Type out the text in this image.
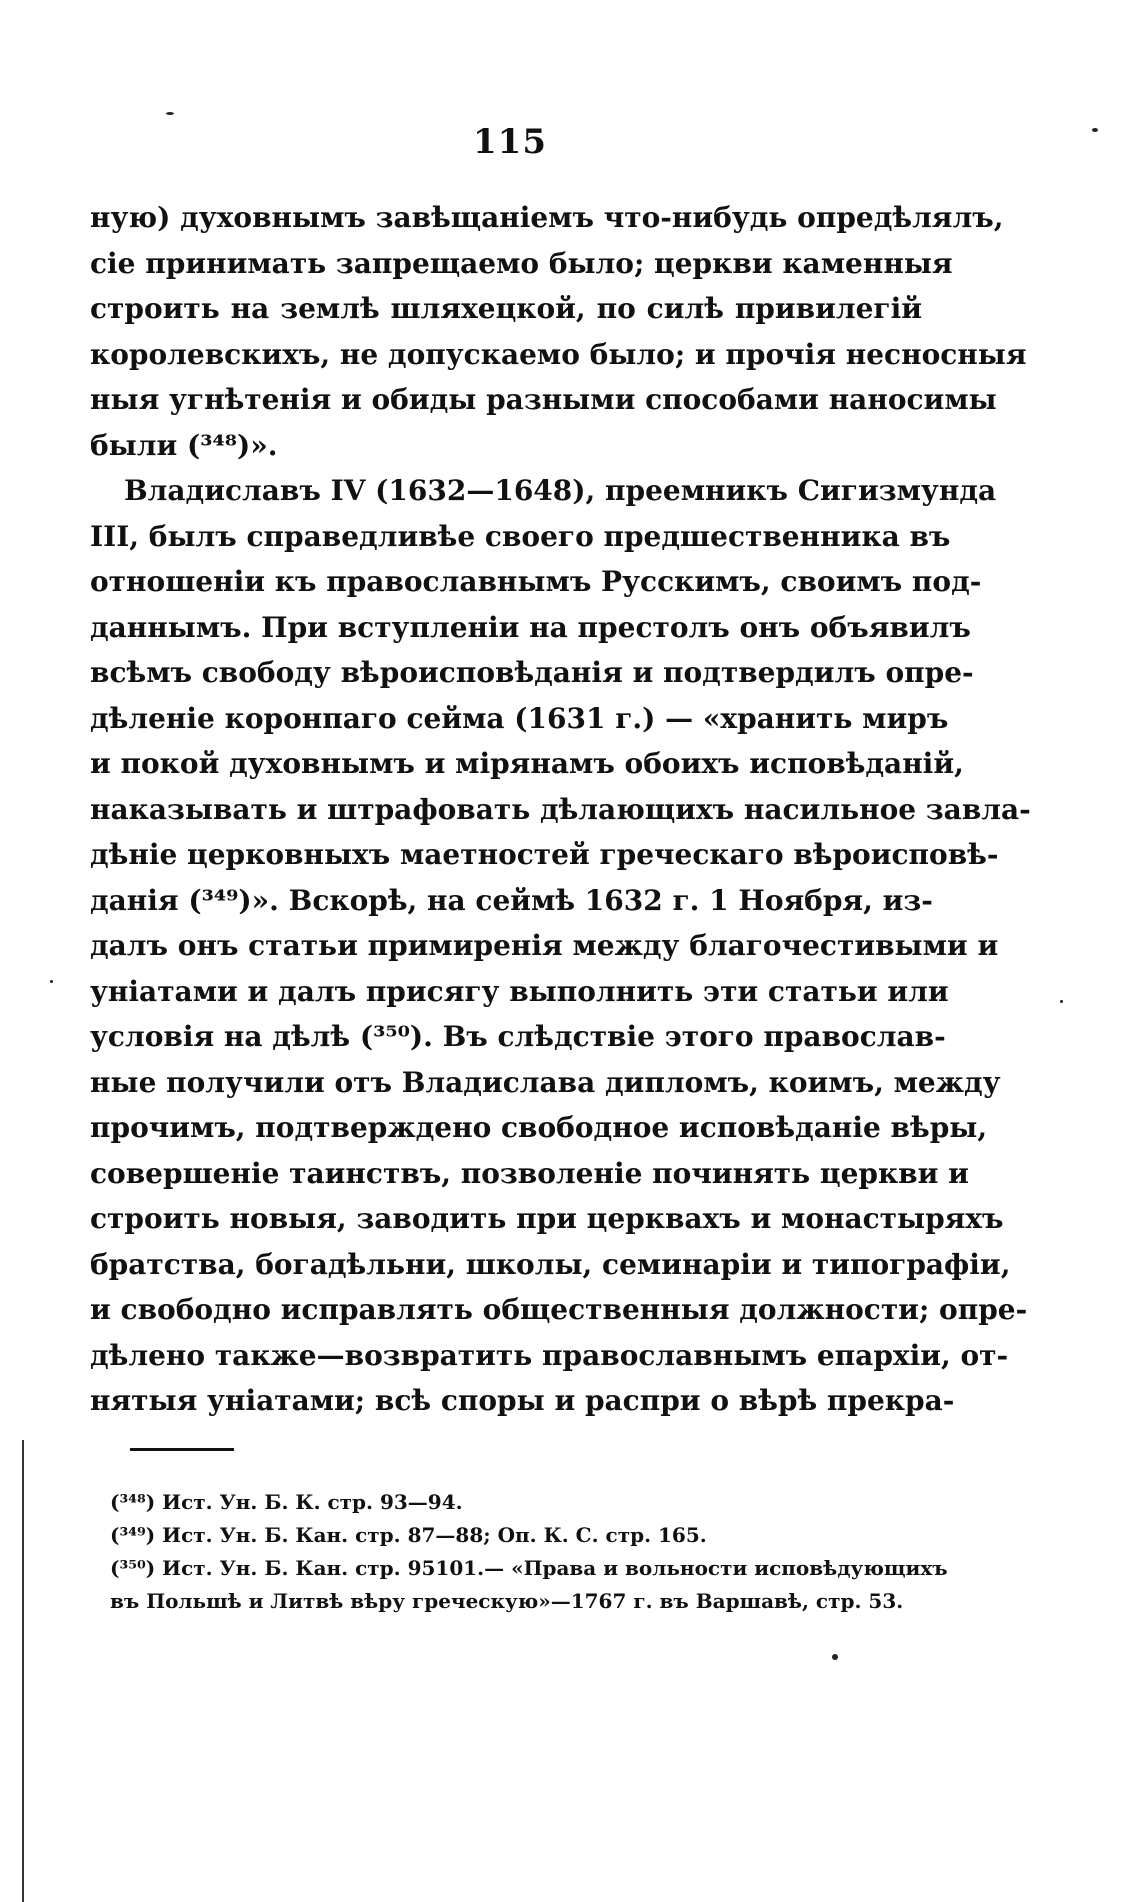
115
ную) духовнымъ завѣщаніемъ что-нибудь опредѣлялъ,
сіе принимать запрещаемо было; церкви каменныя
строить на землѣ шляхецкой, по силѣ привилегій
королевскихъ, не допускаемо было; и прочія несносныя
ныя угнѣтенія и обиды разными способами наносимы
были (³⁴⁸)».
Владиславъ IV (1632—1648), преемникъ Сигизмунда
III, былъ справедливѣе своего предшественника въ
отношеніи къ православнымъ Русскимъ, своимъ под-
даннымъ. При вступленіи на престолъ онъ объявилъ
всѣмъ свободу вѣроисповѣданія и подтвердилъ опре-
дѣленіе коронпаго сейма (1631 г.) — «хранить миръ
и покой духовнымъ и мірянамъ обоихъ исповѣданій,
наказывать и штрафовать дѣлающихъ насильное завла-
дѣніе церковныхъ маетностей греческаго вѣроисповѣ-
данія (³⁴⁹)». Вскорѣ, на сеймѣ 1632 г. 1 Ноября, из-
далъ онъ статьи примиренія между благочестивыми и
уніатами и далъ присягу выполнить эти статьи или
условія на дѣлѣ (³⁵⁰). Въ слѣдствіе этого православ-
ные получили отъ Владислава дипломъ, коимъ, между
прочимъ, подтверждено свободное исповѣданіе вѣры,
совершеніе таинствъ, позволеніе починять церкви и
строить новыя, заводить при церквахъ и монастыряхъ
братства, богадѣльни, школы, семинаріи и типографіи,
и свободно исправлять общественныя должности; опре-
дѣлено также—возвратить православнымъ епархіи, от-
нятыя уніатами; всѣ споры и распри о вѣрѣ прекра-
(³⁴⁸) Ист. Ун. Б. К. стр. 93—94.
(³⁴⁹) Ист. Ун. Б. Кан. стр. 87—88; Оп. К. С. стр. 165.
(³⁵⁰) Ист. Ун. Б. Кан. стр. 95101.— «Права и вольности исповѣдующихъ
въ Польшѣ и Литвѣ вѣру греческую»—1767 г. въ Варшавѣ, стр. 53.
